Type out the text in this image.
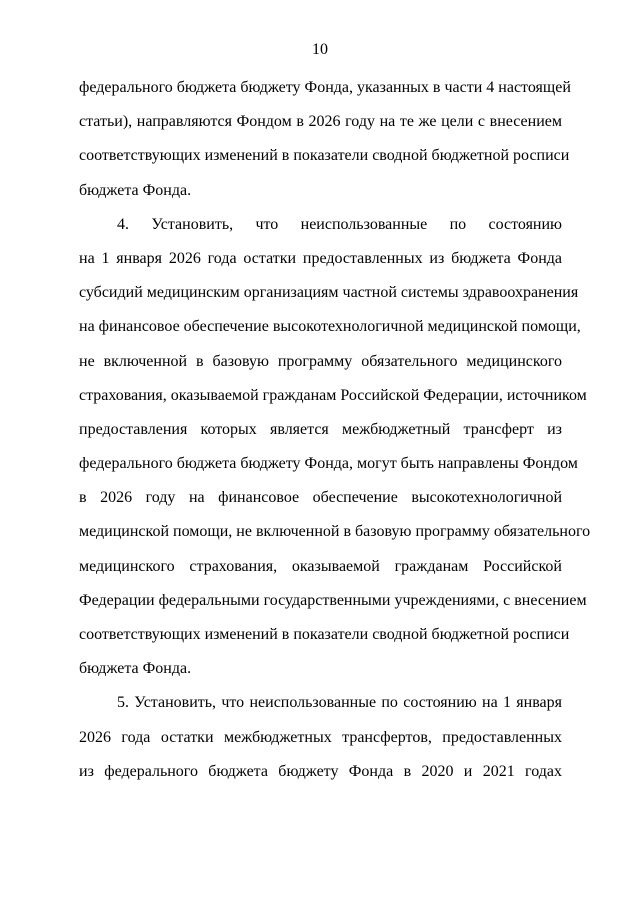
10
федерального бюджета бюджету Фонда, указанных в части 4 настоящей
статьи), направляются Фондом в 2026 году на те же цели с внесением
соответствующих изменений в показатели сводной бюджетной росписи
бюджета Фонда.
4. Установить, что неиспользованные по состоянию
на 1 января 2026 года остатки предоставленных из бюджета Фонда
субсидий медицинским организациям частной системы здравоохранения
на финансовое обеспечение высокотехнологичной медицинской помощи,
не включенной в базовую программу обязательного медицинского
страхования, оказываемой гражданам Российской Федерации, источником
предоставления которых является межбюджетный трансферт из
федерального бюджета бюджету Фонда, могут быть направлены Фондом
в 2026 году на финансовое обеспечение высокотехнологичной
медицинской помощи, не включенной в базовую программу обязательного
медицинского страхования, оказываемой гражданам Российской
Федерации федеральными государственными учреждениями, с внесением
соответствующих изменений в показатели сводной бюджетной росписи
бюджета Фонда.
5. Установить, что неиспользованные по состоянию на 1 января
2026 года остатки межбюджетных трансфертов, предоставленных
из федерального бюджета бюджету Фонда в 2020 и 2021 годах
